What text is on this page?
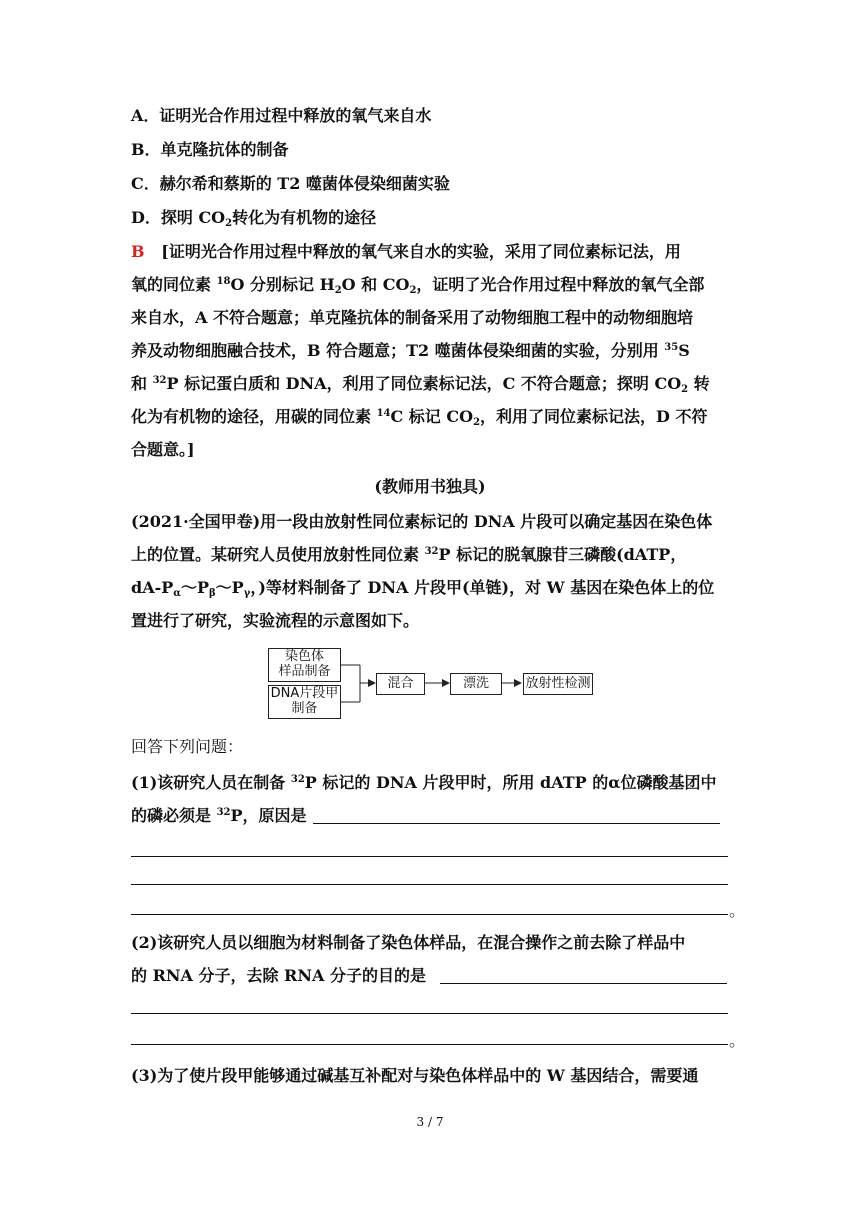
A．证明光合作用过程中释放的氧气来自水
B．单克隆抗体的制备
C．赫尔希和蔡斯的 T2 噬菌体侵染细菌实验
D．探明 $CO_2$转化为有机物的途径
B [证明光合作用过程中释放的氧气来自水的实验，采用了同位素标记法，用
氧的同位素 $^{18}$O 分别标记 $H_2O$ 和 $CO_2$，证明了光合作用过程中释放的氧气全部
来自水，A 不符合题意；单克隆抗体的制备采用了动物细胞工程中的动物细胞培
养及动物细胞融合技术，B 符合题意；T2 噬菌体侵染细菌的实验，分别用 $^{35}$S
和 $^{32}$P 标记蛋白质和 DNA，利用了同位素标记法，C 不符合题意；探明 $CO_2$ 转
化为有机物的途径，用碳的同位素 $^{14}$C 标记 $CO_2$，利用了同位素标记法，D 不符
合题意。]
(教师用书独具)
(2021·全国甲卷)用一段由放射性同位素标记的 DNA 片段可以确定基因在染色体
上的位置。某研究人员使用放射性同位素 $^{32}$P 标记的脱氧腺苷三磷酸(dATP，
$dA-P_\alpha\sim P_\beta\sim P_\gamma$，)等材料制备了 DNA 片段甲(单链)，对 W 基因在染色体上的位
置进行了研究，实验流程的示意图如下。
染色体
样品制备
DNA片段甲
制备
混合	漂洗	放射性检测
回答下列问题：
(1)该研究人员在制备 $^{32}$P 标记的 DNA 片段甲时，所用 dATP 的α位磷酸基团中
的磷必须是 $^{32}$P，原因是
。
(2)该研究人员以细胞为材料制备了染色体样品，在混合操作之前去除了样品中
的 RNA 分子，去除 RNA 分子的目的是
。
(3)为了使片段甲能够通过碱基互补配对与染色体样品中的 W 基因结合，需要通
3 / 7
